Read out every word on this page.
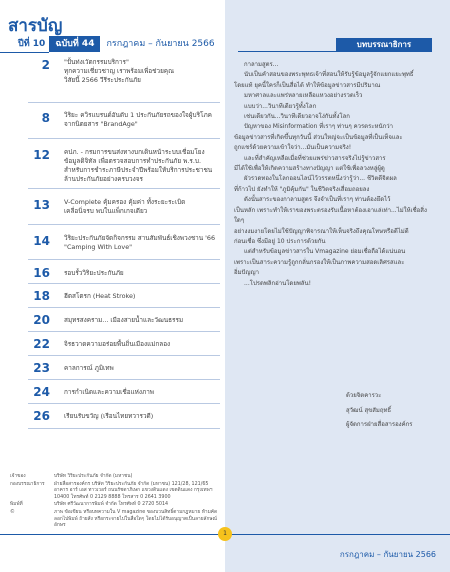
สารบัญ
ปีที่ 10	ฉบับที่ 44	กรกฎาคม – กันยายน 2566
2 "ปั้นท่งเวัตกรรมบริการ"
ทุกความเชี่ยวชาญ เราพร้อมเพื่อช่วยคุณ
วิสัยนี้ 2566 วีรีระประกันภัย
8 วิริยะ ควิรแบรนด์อันดับ 1 ประกันภัยรถของใจผู้บริโภค
จากนิตยสาร "BrandAge"
12 คปภ. - กรมการขนส่งทางบกเดินหน้าระบบเชื่อมโยง
ข้อมูลดิจิทัล เพื่อตรวจสอบการทำประกันภัย พ.ร.บ.
สำหรับการชำระภาษีประจำปีพร้อมให้บริการประชาชน
ล้านประกันภัยอย่างครบวงจร
13 V-Complete คุ้มครอง คุ้มค่า ทั้งระยะระเบิด
เคลื่อนิ่จรบ พบในแพ็กเกจเดียว
14 วิริยะประกันภัยจัดกิจกรรม สานสัมพันธ์เชิงพวงชาน '66
"Camping With Love"
16 รอบรั้ววิริยะประกันภัย
18 ฮีตสโตรก (Heat Stroke)
20 สมุทรสงคราม... เมืองสายน้ำและวัฒนธรรม
22 จิรธวาดความอร่อยพื้นถิ่นเมืองแม่กลอง
23 คาลการณ์ ภูมิเทพ
24 การกำเนิดและความเชื่อแห่งภาพ
26 เรียนรับขวัญ (เรือนไทยทวารวดี)
เจ้าของ	บริษัท วิริยะประกันภัย จำกัด (มหาชน)
กองบรรณาธิการ	ฝ่ายสื่อสารองค์กร บริษัท วิริยะประกันภัย จำกัด (มหาชน) 121/28, 121/65 อาคาร อาร์ เอส ทาวเวอร์ ถนนรัชดาภิเษก แขวงดินแดง เขตดินแดง กรุงเทพฯ 10400 โทรศัพท์ 0 2129 8888 โทรสาร 0 2641 3900
พิมพ์ที่	บริษัท ศรีวัฒนาการพิมพ์ จำกัด โทรศัพท์ 0 2720 5014
©	ภาพ ข้อเขียน หรือบทความใน V magazine ของบวนสิทธิ์ตามกฎหมาย ห้ามคัดลอกไปพิมพ์ ถ้ายส้ง หรือกระจายไปในสื่อใดๆ โดยไม่ได้รับอนุญาตเป็นลายลักษณ์อักษร
บทบรรณาธิการ

กาลามสูตร...

นับเป็นคำสอนของพระพุทธเจ้าที่สอนให้รับรู้ข้อมูลรู้จักแยกแยะพุทธิ์

โดยแท้ ยุคนี้ใครก็เป็นสื่อได้ ทำให้ข้อมูลข่าวสารมีปริมาณ

มหาศาลและแพร่หลายเหลือแหวงอย่างรวดเร็ว

แบบว่า...วินาทีเดียวรู้ทั้งโลก

เช่นเดียวกัน...วินาทีเดียวอาจโง่กันทั้งโลก

ปัญหาของ Misinformation ที่เราๆ ท่านๆ ควรตระหนักว่า

ข้อมูลข่าวสารที่เกิดขึ้นทุกวันนี้ ส่วนใหญ่จะเป็นข้อมูลที่เป็นเท็จและ

ถูกแชร์ด้วยความเข้าใจว่า...มันเป็นความจริง!

และที่สำคัญเหลือเมื่อที่ช่วยแพร่ข่าวสารจริงไปรู้ข่าวสาร

มีได้ใช้เพื่อให้เกิดความสร้างทางปัญญา แต่ใช้เพื่อลวงหลู่ผู้ดู

ผัวรวดทองในโลกออนไลน์ไว้วรรตหนึ่งว่ารู้ว่า... ชีวิตดีจิตผล

ที่ก้าวไป ยังทำให้ "ภูมิคุ้มกัน" ในชีวิตจริงเสื่อมถอยลง

ดังนั้นสาระของกาลามสูตร จึงจำเป็นที่เราๆ ท่านต้องยึดไว้

เป็นหลัก เพราะทำให้เราของพระตรองรับเนื้อหาต้องเอาแล่เท่า...ไม่ให้เชื่อสิ่งใดๆ

อย่างงมงายโดยไม่ใช้ปัญญาพิจารณาให้เห็นจริงถึงคุณโทษหรือดีไม่ดี

ก่อนเชื่อ ซึ่งมีอยู่ 10 ประการด้วยกัน

แต่สำหรับข้อมูลข่าวสารใน Vmagazine ย่อมเชื่อถือได้แน่นอน

เพราะเป็นสาระความรู้ถูกกลั่นกรองให้เป็นภาพความสอดเลิศรสและ

อิ่มปัญญา

...โปรดพลิกอ่านโดยพลัน!

ด้วยจิตคารวะ
สุวัฒน์ สุขสัมฤทธิ์
ผู้จัดการฝ่ายสื่อสารองค์กร
1
กรกฎาคม – กันยายน 2566
